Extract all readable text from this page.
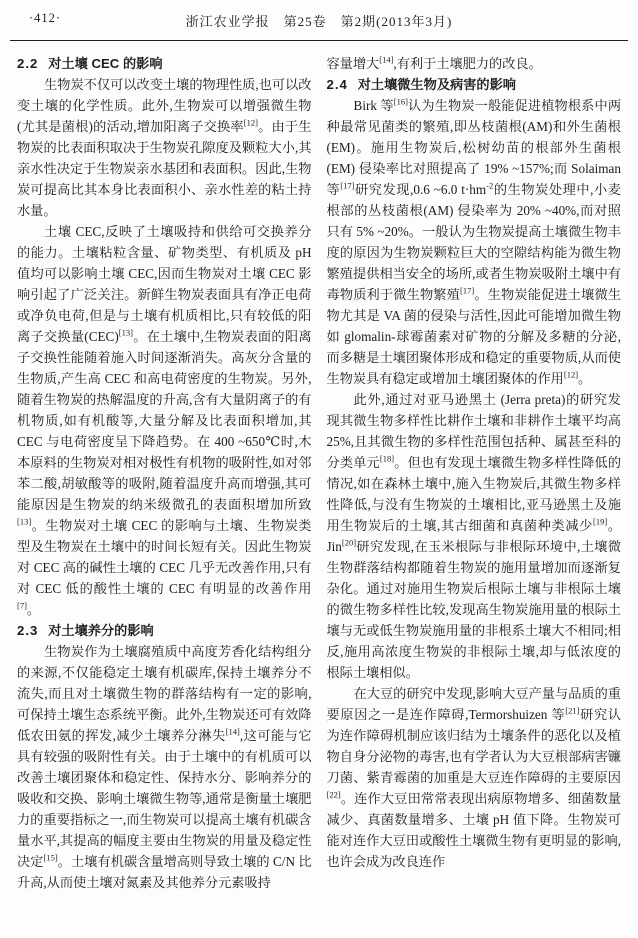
·412·	浙江农业学报　第25卷　第2期(2013年3月)
2.2 对土壤 CEC 的影响

生物炭不仅可以改变土壤的物理性质,也可以改变土壤的化学性质。此外,生物炭可以增强微生物(尤其是菌根)的活动,增加阳离子交换率[12]。由于生物炭的比表面积取决于生物炭孔隙度及颗粒大小,其亲水性决定于生物炭亲水基团和表面积。因此,生物炭可提高比其本身比表面积小、亲水性差的粘土持水量。

土壤 CEC,反映了土壤吸持和供给可交换养分的能力。土壤粘粒含量、矿物类型、有机质及 pH 值均可以影响土壤 CEC,因而生物炭对土壤 CEC 影响引起了广泛关注。新鲜生物炭表面具有净正电荷或净负电荷,但是与土壤有机质相比,只有较低的阳离子交换量(CEC)[13]。在土壤中,生物炭表面的阳离子交换性能随着施入时间逐渐消失。高灰分含量的生物质,产生高 CEC 和高电荷密度的生物炭。另外,随着生物炭的热解温度的升高,含有大量阴离子的有机物质,如有机酸等,大量分解及比表面积增加,其 CEC 与电荷密度呈下降趋势。在 400 ~650℃时,木本原料的生物炭对相对极性有机物的吸附性,如对邻苯二酸,胡敏酸等的吸附,随着温度升高而增强,其可能原因是生物炭的纳米级微孔的表面积增加所致[13]。生物炭对土壤 CEC 的影响与土壤、生物炭类型及生物炭在土壤中的时间长短有关。因此生物炭对 CEC 高的碱性土壤的 CEC 几乎无改善作用,只有对 CEC 低的酸性土壤的 CEC 有明显的改善作用[7]。

2.3 对土壤养分的影响

生物炭作为土壤腐殖质中高度芳香化结构组分的来源,不仅能稳定土壤有机碳库,保持土壤养分不流失,而且对土壤微生物的群落结构有一定的影响,可保持土壤生态系统平衡。此外,生物炭还可有效降低农田氨的挥发,减少土壤养分淋失[14],这可能与它具有较强的吸附性有关。由于土壤中的有机质可以改善土壤团聚体和稳定性、保持水分、影响养分的吸收和交换、影响土壤微生物等,通常是衡量土壤肥力的重要指标之一,而生物炭可以提高土壤有机碳含量水平,其提高的幅度主要由生物炭的用量及稳定性决定[15]。土壤有机碳含量增高则导致土壤的 C/N 比升高,从而使土壤对氮素及其他养分元素吸持

容量增大[14],有利于土壤肥力的改良。

2.4 对土壤微生物及病害的影响

Birk 等[16]认为生物炭一般能促进植物根系中两种最常见菌类的繁殖,即丛枝菌根(AM)和外生菌根(EM)。施用生物炭后,松树幼苗的根部外生菌根(EM) 侵染率比对照提高了 19% ~157%;而 Solaiman 等[17]研究发现,0.6 ~6.0 $t\cdot hm^{-2}$的生物炭处理中,小麦根部的丛枝菌根(AM) 侵染率为 20% ~40%,而对照只有 5% ~20%。一般认为生物炭提高土壤微生物丰度的原因为生物炭颗粒巨大的空隙结构能为微生物繁殖提供相当安全的场所,或者生物炭吸附土壤中有毒物质利于微生物繁殖[17]。生物炭能促进土壤微生物尤其是 VA 菌的侵染与活性,因此可能增加微生物如 glomalin-球霉菌素对矿物的分解及多糖的分泌,而多糖是土壤团聚体形成和稳定的重要物质,从而使生物炭具有稳定或增加土壤团聚体的作用[12]。

此外,通过对亚马逊黑土 (Jerra preta)的研究发现其微生物多样性比耕作土壤和非耕作土壤平均高 25%,且其微生物的多样性范围包括种、属甚至科的分类单元[18]。但也有发现土壤微生物多样性降低的情况,如在森林土壤中,施入生物炭后,其微生物多样性降低,与没有生物炭的土壤相比,亚马逊黑土及施用生物炭后的土壤,其古细菌和真菌种类减少[19]。Jin[20]研究发现,在玉米根际与非根际环境中,土壤微生物群落结构都随着生物炭的施用量增加而逐渐复杂化。通过对施用生物炭后根际土壤与非根际土壤的微生物多样性比较,发现高生物炭施用量的根际土壤与无或低生物炭施用量的非根系土壤大不相同;相反,施用高浓度生物炭的非根际土壤,却与低浓度的根际土壤相似。

在大豆的研究中发现,影响大豆产量与品质的重要原因之一是连作障碍,Termorshuizen 等[21]研究认为连作障碍机制应该归结为土壤条件的恶化以及植物自身分泌物的毒害,也有学者认为大豆根部病害镰刀菌、紫青霉菌的加重是大豆连作障碍的主要原因[22]。连作大豆田常常表现出病原物增多、细菌数量减少、真菌数量增多、土壤 pH 值下降。生物炭可能对连作大豆田或酸性土壤微生物有更明显的影响,也许会成为改良连作
